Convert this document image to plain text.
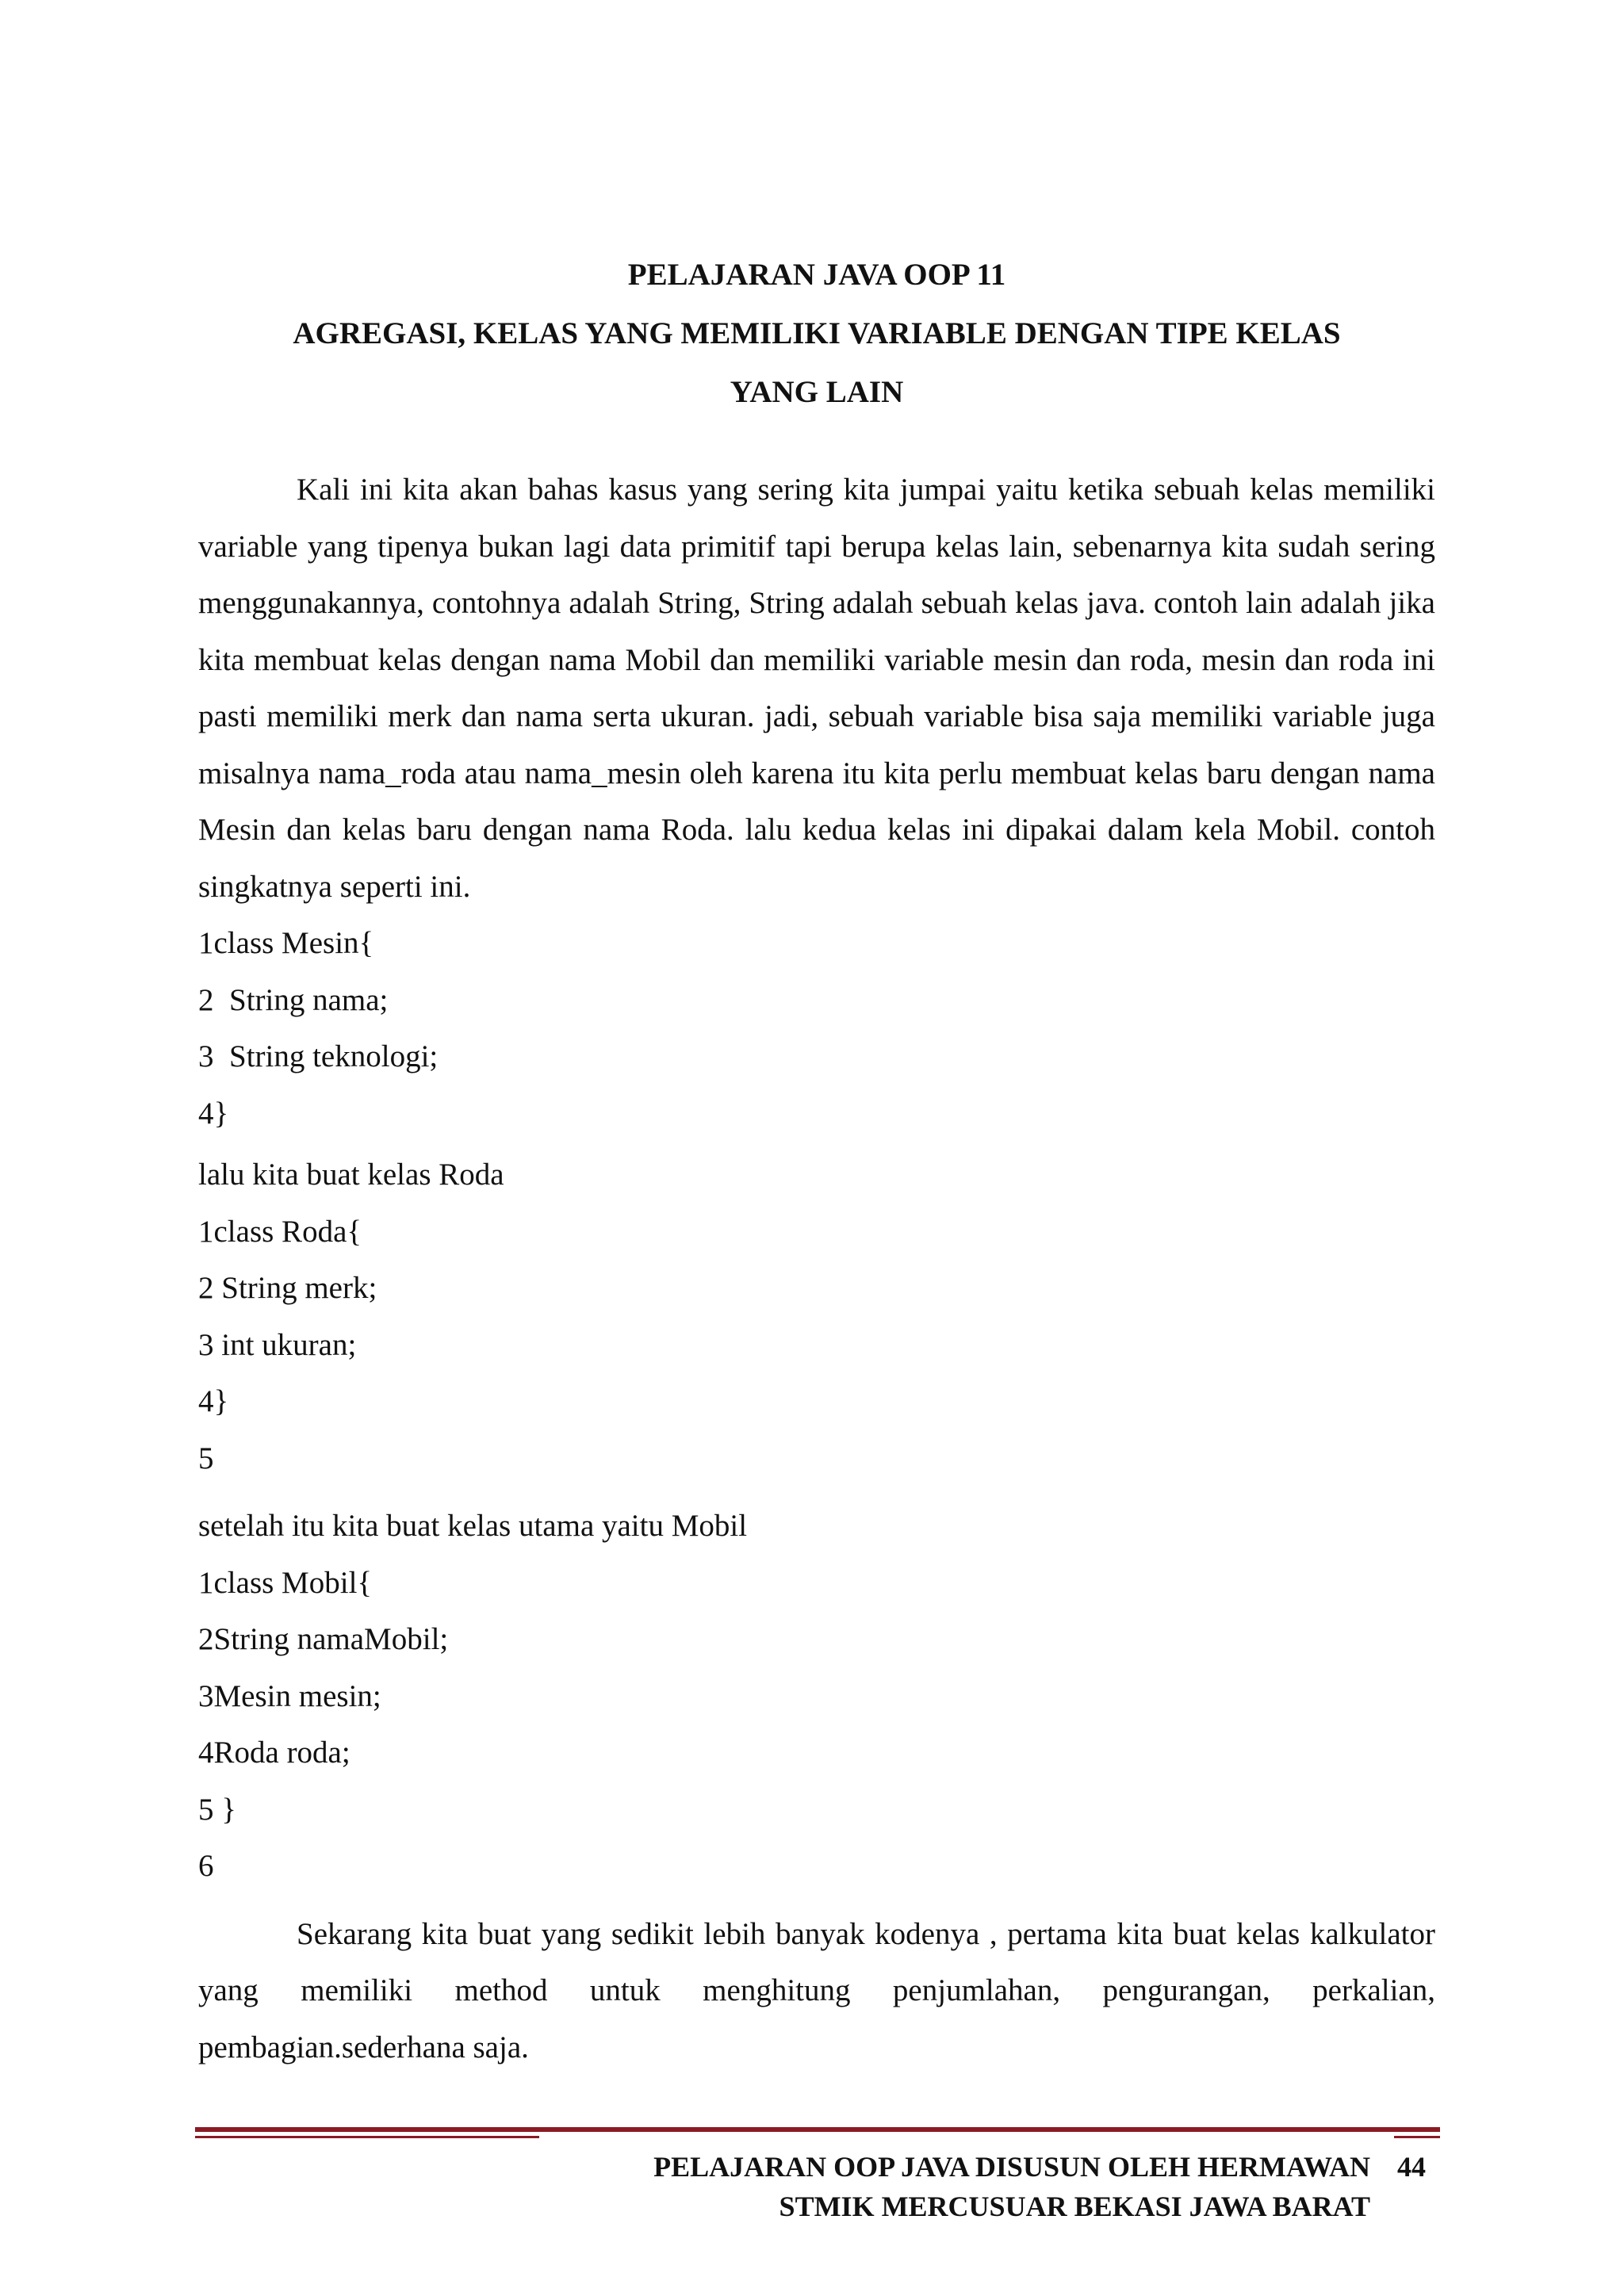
PELAJARAN JAVA OOP 11
AGREGASI, KELAS YANG MEMILIKI VARIABLE DENGAN TIPE KELAS
YANG LAIN

Kali ini kita akan bahas kasus yang sering kita jumpai yaitu ketika sebuah kelas memiliki variable yang tipenya bukan lagi data primitif tapi berupa kelas lain, sebenarnya kita sudah sering menggunakannya, contohnya adalah String, String adalah sebuah kelas java. contoh lain adalah jika kita membuat kelas dengan nama Mobil dan memiliki variable mesin dan roda, mesin dan roda ini pasti memiliki merk dan nama serta ukuran. jadi, sebuah variable bisa saja memiliki variable juga misalnya nama_roda atau nama_mesin oleh karena itu kita perlu membuat kelas baru dengan nama Mesin dan kelas baru dengan nama Roda. lalu kedua kelas ini dipakai dalam kela Mobil. contoh singkatnya seperti ini.

1class Mesin{
2  String nama;
3  String teknologi;
4}
lalu kita buat kelas Roda
1class Roda{
2 String merk;
3 int ukuran;
4}
5
setelah itu kita buat kelas utama yaitu Mobil
1class Mobil{
2String namaMobil;
3Mesin mesin;
4Roda roda;
5 }
6

Sekarang kita buat yang sedikit lebih banyak kodenya , pertama kita buat kelas kalkulator yang memiliki method untuk menghitung penjumlahan, pengurangan, perkalian, pembagian.sederhana saja.

PELAJARAN OOP JAVA DISUSUN OLEH HERMAWAN
STMIK MERCUSUAR BEKASI JAWA BARAT
44
